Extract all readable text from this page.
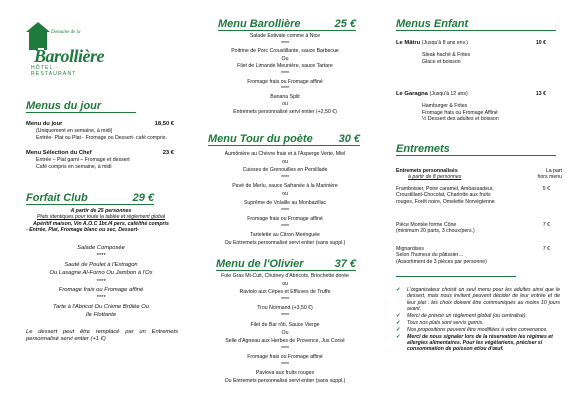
Domaine de la
Barollière
HÔTEL · RESTAURANT
Menus du jour
Menu du jour	18,50 €

(Uniquement en semaine, à midi)

Entrée- Plat ou Plat - Fromage ou Dessert- café compris.

Menu Sélection du Chef	23 €

Entrée – Plat garni – Fromage et dessert

Café compris en semaine, à midi

Forfait Club	29 €

A partir de 25 personnes

Plats identiques pour toute la tablée et règlement global

Apéritif maison, Vin A.O.C 1bt./4 pers, café/thé compris

- Entrée, Plat, Fromage blanc ou sec, Dessert-

Salade Composée

****

Sauté de Poulet à l'Estragon

Ou Lasagne Al-Forno Ou Jambon à l'Os

****

Fromage frais ou Fromage affiné

****

Tarte à l'Abricot Ou Crème Brûlée Ou

Ile Flottante

Le dessert peut être remplacé par un Entremets personnalisé servi entier (+1 €)

Menu Barollière	25 €

Salade Estivale comme à Nice

****

Poitrine de Porc Croustillante, sauce Barbecue

Ou

Filet de Limande Meunière, sauce Tartare

****

Fromage frais ou Fromage affiné

****

Banana Split

ou

Entremets personnalisé servi entier (+2,50 €)

Menu Tour du poète 30 €

Aumônière au Chèvre frais et à l'Asperge Verte, Miel

ou

Cuisses de Grenouilles en Persillade

****

Pavé de Merlu, sauce Safranée à la Marinière

ou

Suprême de Volaille au Monbazillac

****

Fromage frais ou Fromage affiné

****

Tartelette au Citron Meringuée

Ou Entremets personnalisé servi entier (sans suppl.)

Menu de l'Olivier	37 €

Foie Gras Mi-Cuit, Chutney d'Abricots, Briochette dorée

ou

Raviolo aux Cèpes et Effluves de Truffe

****

Trou Normand (+3,50 €)

****

Filet de Bar rôti, Sauce Vierge

Ou

Selle d'Agneau aux Herbes de Provence, Jus Corsé

****

Fromage frais ou Fromage affiné

****

Pavlova aux fruits rouges

Ou Entremets personnalisé servi entier (sans suppl.)

Menus Enfant
Le Mâtru (Jusqu'à 8 ans env.)	10 €

Steak haché & Frites

Glace et boisson

Le Garagna (Jusqu'à 12 ans)	13 €

Hamburger & Frites

Fromage frais ou Fromage Affiné

½ Dessert des adultes et boisson

Entremets
Entremets personnalisés	La part
à partir de 8 personnes	hors menu

Framboisier, Poire caramel, Ambassadeur,

Croustillant-Chocolat, Charlotte aux fruits

rouges, Forêt noire, Omelette Norvégienne

5 €

Pièce Montée forme Cône

(minimum 20 parts, 3 choux/pers.)

7 €

Mignardises

Selon l'humeur du pâtissier…

(Assortiment de 3 pièces par personne)

7 €
✔	L'organisateur choisit un seul menu pour les adultes ainsi que le dessert, mais nous invitent peuvent décider de leur entrée et de leur plat : les choix doivent être communiqués au moins 10 jours avant.

✔	Merci de prévoir un règlement global (ou centralisé).

✔	Tous nos plats sont servis garnis.

✔	Nos propositions peuvent être modifiées à votre convenance.

✔	Merci de nous signaler lors de la réservation les régimes et allergies alimentaires. Pour les végétariens, préciser si consommation de poisson et/ou d'œuf.
